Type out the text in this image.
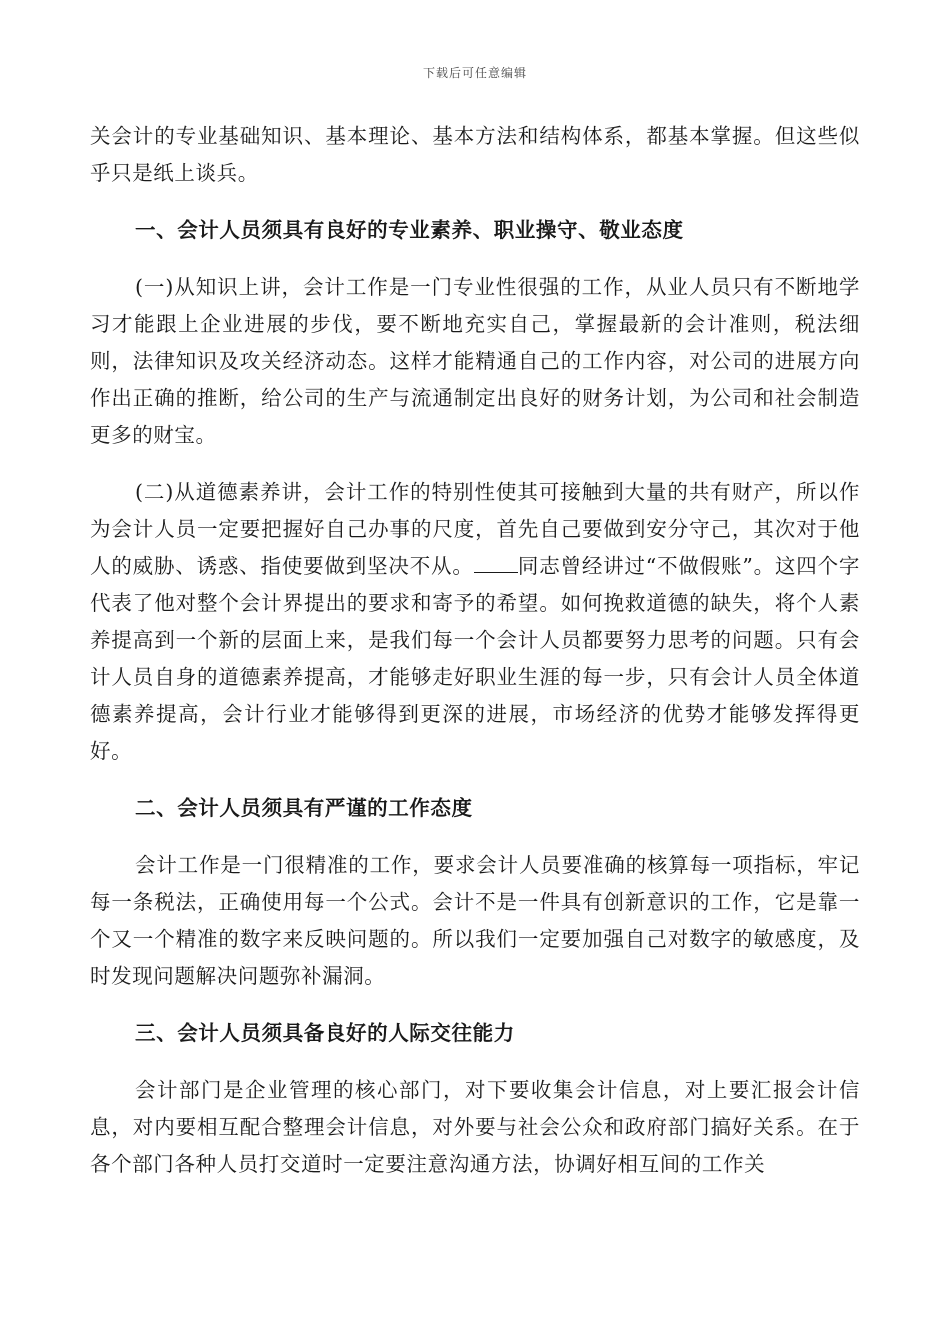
下载后可任意编辑

关会计的专业基础知识、基本理论、基本方法和结构体系，都基本掌握。但这些似乎只是纸上谈兵。

一、会计人员须具有良好的专业素养、职业操守、敬业态度

(一)从知识上讲，会计工作是一门专业性很强的工作，从业人员只有不断地学习才能跟上企业进展的步伐，要不断地充实自己，掌握最新的会计准则，税法细则，法律知识及攻关经济动态。这样才能精通自己的工作内容，对公司的进展方向作出正确的推断，给公司的生产与流通制定出良好的财务计划，为公司和社会制造更多的财宝。

(二)从道德素养讲，会计工作的特别性使其可接触到大量的共有财产，所以作为会计人员一定要把握好自己办事的尺度，首先自己要做到安分守己，其次对于他人的威胁、诱惑、指使要做到坚决不从。 同志曾经讲过“不做假账”。这四个字代表了他对整个会计界提出的要求和寄予的希望。如何挽救道德的缺失，将个人素养提高到一个新的层面上来，是我们每一个会计人员都要努力思考的问题。只有会计人员自身的道德素养提高，才能够走好职业生涯的每一步，只有会计人员全体道德素养提高，会计行业才能够得到更深的进展，市场经济的优势才能够发挥得更好。

二、会计人员须具有严谨的工作态度

会计工作是一门很精准的工作，要求会计人员要准确的核算每一项指标，牢记每一条税法，正确使用每一个公式。会计不是一件具有创新意识的工作，它是靠一个又一个精准的数字来反映问题的。所以我们一定要加强自己对数字的敏感度，及时发现问题解决问题弥补漏洞。

三、会计人员须具备良好的人际交往能力

会计部门是企业管理的核心部门，对下要收集会计信息，对上要汇报会计信息，对内要相互配合整理会计信息，对外要与社会公众和政府部门搞好关系。在于各个部门各种人员打交道时一定要注意沟通方法，协调好相互间的工作关
